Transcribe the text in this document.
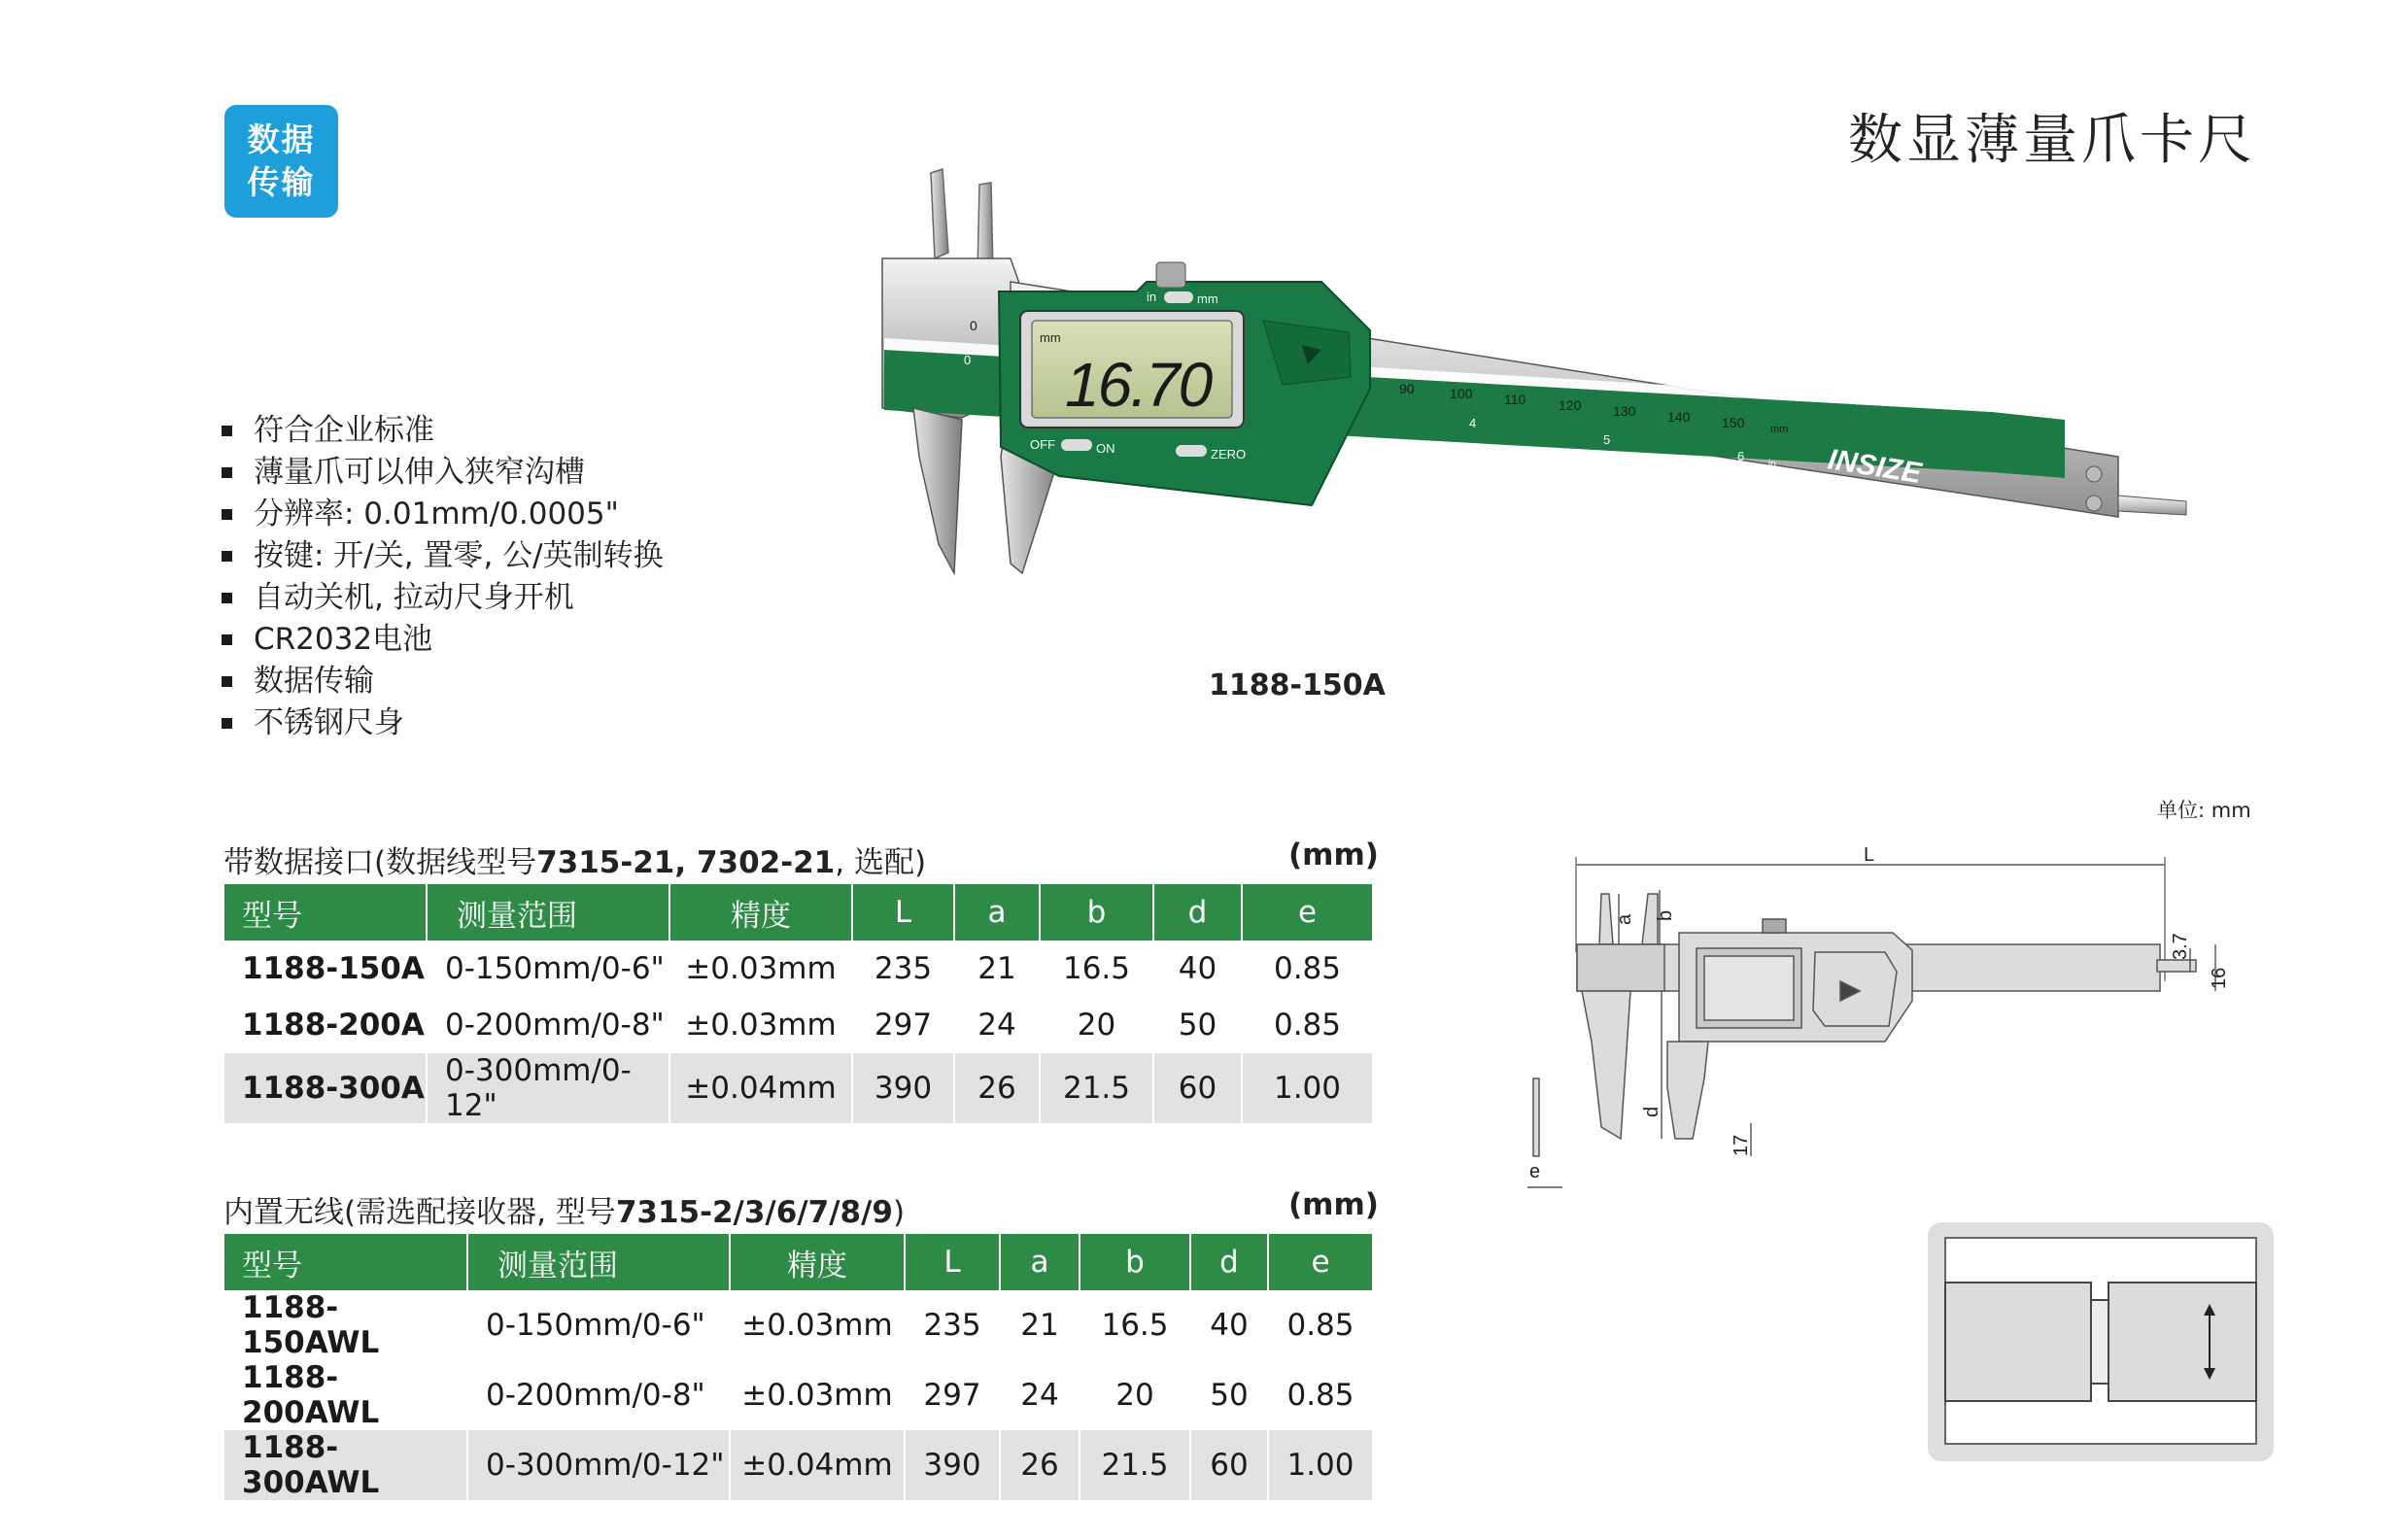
数据
传输
数显薄量爪卡尺
符合企业标准
薄量爪可以伸入狭窄沟槽
分辨率: 0.01mm/0.0005"
按键: 开/关, 置零, 公/英制转换
自动关机, 拉动尺身开机
CR2032电池
数据传输
不锈钢尺身
0
90	100 110 120 130 140 150 mm
0
4
5
6
in INSIZE
mm
16.70
in	mm
OFF	ON	ZERO
1188-150A
单位: mm
L
a b
d
e
3.7
16
17
带数据接口(数据线型号7315-21, 7302-21, 选配)	(mm)
型号	测量范围	精度	L	a	b	d	e
1188-150A	0-150mm/0-6"	±0.03mm	235	21	16.5	40	0.85
1188-200A	0-200mm/0-8"	±0.03mm	297	24	20	50	0.85
1188-300A	0-300mm/0-12"	±0.04mm	390	26	21.5	60	1.00
内置无线(需选配接收器, 型号7315-2/3/6/7/8/9)	(mm)
型号	测量范围	精度	L	a	b	d	e
1188-150AWL	0-150mm/0-6"	±0.03mm	235	21	16.5	40	0.85
1188-200AWL	0-200mm/0-8"	±0.03mm	297	24	20	50	0.85
1188-300AWL	0-300mm/0-12"	±0.04mm	390	26	21.5	60	1.00
